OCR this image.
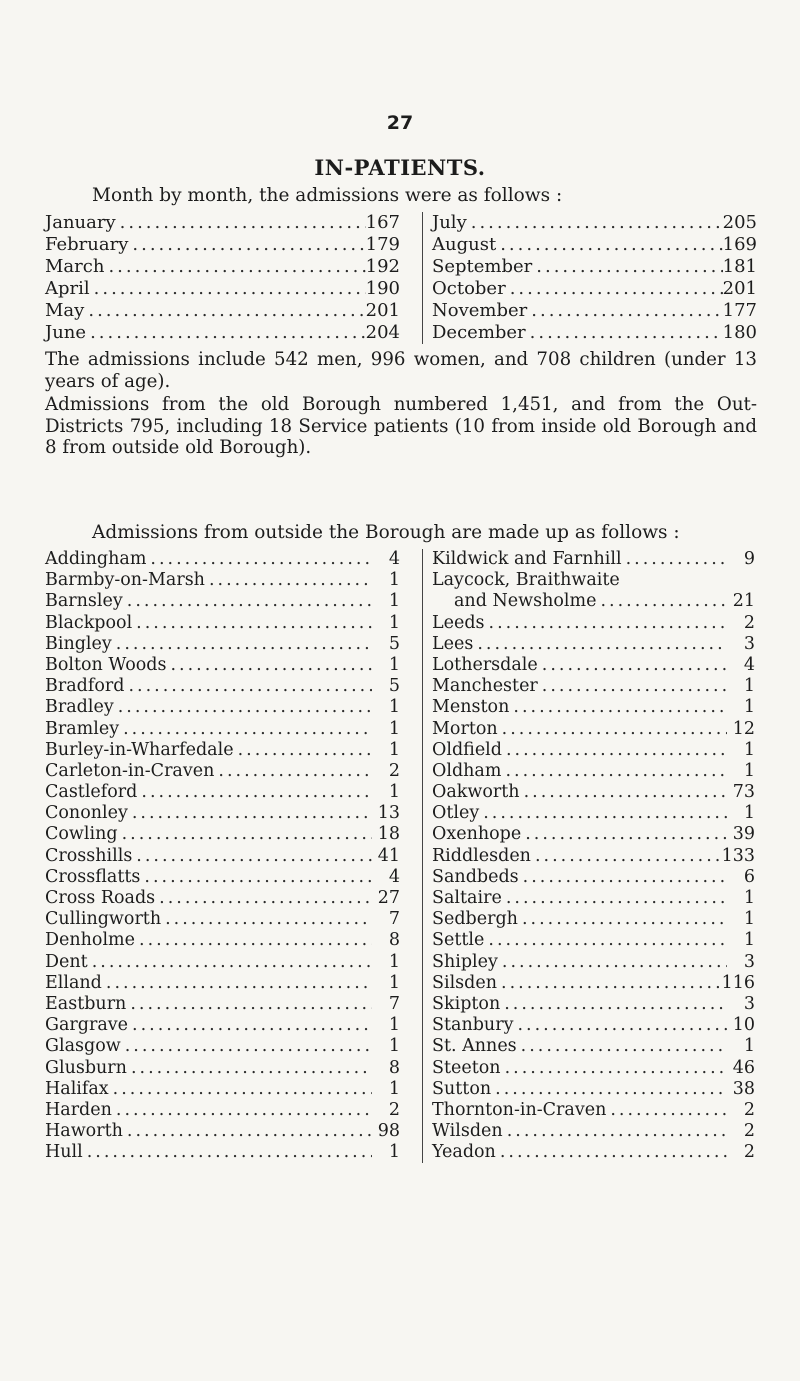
27
IN-PATIENTS.
Month by month, the admissions were as follows :
January .....	167
February .....	179
March .....	192
April .....	190
May .....	201
June .....	204
July .....	205
August .....	169
September .....	181
October .....	201
November .....	177
December .....	180
The admissions include 542 men, 996 women, and 708 children (under 13 years of age).
Admissions from the old Borough numbered 1,451, and from the Out-Districts 795, including 18 Service patients (10 from inside old Borough and 8 from outside old Borough).
Admissions from outside the Borough are made up as follows :
Addingham .....	4
Barmby-on-Marsh .....	1
Barnsley .....	1
Blackpool .....	1
Bingley .....	5
Bolton Woods .....	1
Bradford .....	5
Bradley .....	1
Bramley .....	1
Burley-in-Wharfedale .....	1
Carleton-in-Craven .....	2
Castleford .....	1
Cononley .....	13
Cowling .....	18
Crosshills .....	41
Crossflatts .....	4
Cross Roads .....	27
Cullingworth .....	7
Denholme .....	8
Dent .....	1
Elland .....	1
Eastburn .....	7
Gargrave .....	1
Glasgow .....	1
Glusburn .....	8
Halifax .....	1
Harden .....	2
Haworth .....	98
Hull .....	1
Kildwick and Farnhill .....	9
Laycock, Braithwaite
and Newsholme .....	21
Leeds .....	2
Lees .....	3
Lothersdale .....	4
Manchester .....	1
Menston .....	1
Morton .....	12
Oldfield .....	1
Oldham .....	1
Oakworth .....	73
Otley .....	1
Oxenhope .....	39
Riddlesden .....	133
Sandbeds .....	6
Saltaire .....	1
Sedbergh .....	1
Settle .....	1
Shipley .....	3
Silsden .....	116
Skipton .....	3
Stanbury .....	10
St. Annes .....	1
Steeton .....	46
Sutton .....	38
Thornton-in-Craven .....	2
Wilsden .....	2
Yeadon .....	2
